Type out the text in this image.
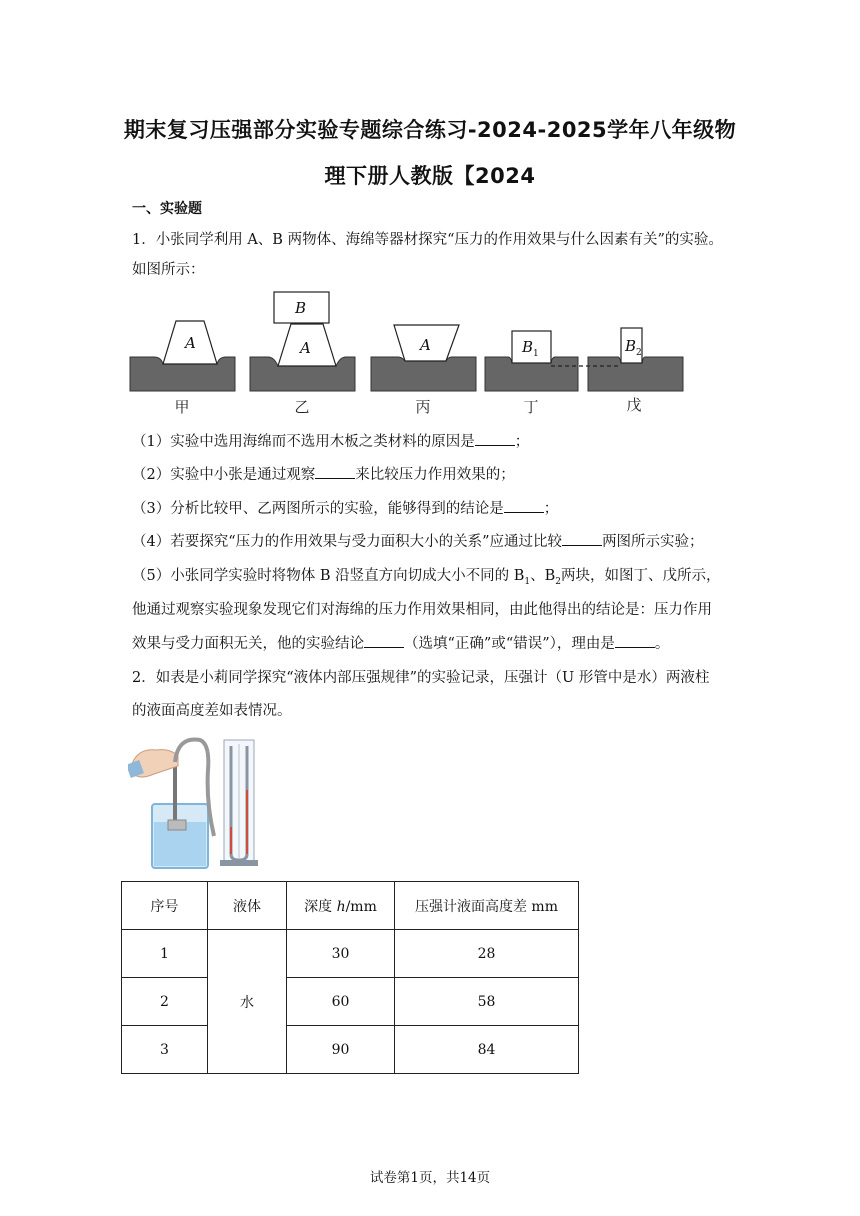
期末复习压强部分实验专题综合练习-2024-2025学年八年级物
理下册人教版【2024
一、实验题
1．小张同学利用 A、B 两物体、海绵等器材探究“压力的作用效果与什么因素有关”的实验。
如图所示：
A	A
B
A	$B_1$	$B_2$
甲	乙	丙	丁	戊
（1）实验中选用海绵而不选用木板之类材料的原因是	；
（2）实验中小张是通过观察	来比较压力作用效果的；
（3）分析比较甲、乙两图所示的实验，能够得到的结论是	；
（4）若要探究“压力的作用效果与受力面积大小的关系”应通过比较	两图所示实验；
（5）小张同学实验时将物体 B 沿竖直方向切成大小不同的 $B_1$、$B_2$两块，如图丁、戊所示，
他通过观察实验现象发现它们对海绵的压力作用效果相同，由此他得出的结论是：压力作用
效果与受力面积无关，他的实验结论	（选填“正确”或“错误”），理由是	。
2．如表是小莉同学探究“液体内部压强规律”的实验记录，压强计（U 形管中是水）两液柱
的液面高度差如表情况。
序号	液体	深度 h/mm	压强计液面高度差 mm
1	水	30	28
2		60	58
3		90	84
试卷第1页，共14页
